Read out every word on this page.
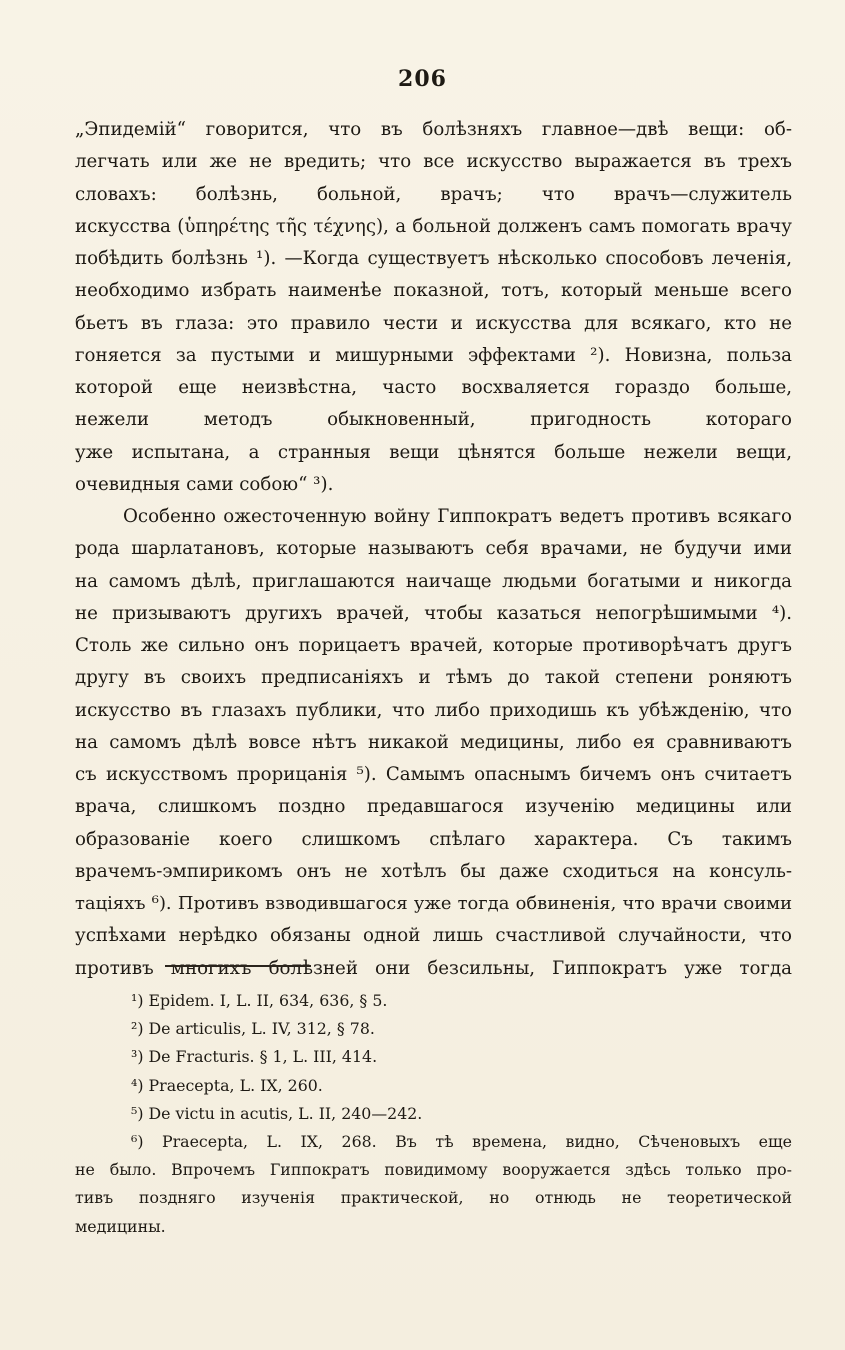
206
„Эпидемій“ говорится, что въ болѣзняхъ главное—двѣ вещи: об-
легчать или же не вредить; что все искусство выражается въ трехъ
словахъ: болѣзнь, больной, врачъ; что врачъ—служитель
искусства (ὑπηρέτης τῆς τέχνης), а больной долженъ самъ помогать врачу
побѣдить болѣзнь ¹). —Когда существуетъ нѣсколько способовъ леченія,
необходимо избрать наименѣе показной, тотъ, который меньше всего
бьетъ въ глаза: это правило чести и искусства для всякаго, кто не
гоняется за пустыми и мишурными эффектами ²). Новизна, польза
которой еще неизвѣстна, часто восхваляется гораздо больше,
нежели методъ обыкновенный, пригодность котораго
уже испытана, а странныя вещи цѣнятся больше нежели вещи,
очевидныя сами собою“ ³).
Особенно ожесточенную войну Гиппократъ ведетъ противъ всякаго
рода шарлатановъ, которые называютъ себя врачами, не будучи ими
на самомъ дѣлѣ, приглашаются наичаще людьми богатыми и никогда
не призываютъ другихъ врачей, чтобы казаться непогрѣшимыми ⁴).
Столь же сильно онъ порицаетъ врачей, которые противорѣчатъ другъ
другу въ своихъ предписаніяхъ и тѣмъ до такой степени роняютъ
искусство въ глазахъ публики, что либо приходишь къ убѣжденію, что
на самомъ дѣлѣ вовсе нѣтъ никакой медицины, либо ея сравниваютъ
съ искусствомъ прорицанія ⁵). Самымъ опаснымъ бичемъ онъ считаетъ
врача, слишкомъ поздно предавшагося изученію медицины или
образованіе коего слишкомъ спѣлаго характера. Съ такимъ
врачемъ-эмпирикомъ онъ не хотѣлъ бы даже сходиться на консуль-
таціяхъ ⁶). Противъ взводившагося уже тогда обвиненія, что врачи своими
успѣхами нерѣдко обязаны одной лишь счастливой случайности, что
противъ многихъ болѣзней они безсильны, Гиппократъ уже тогда
¹) Epidem. I, L. II, 634, 636, § 5.
²) De articulis, L. IV, 312, § 78.
³) De Fracturis. § 1, L. III, 414.
⁴) Praecepta, L. IX, 260.
⁵) De victu in acutis, L. II, 240—242.
⁶) Praecepta, L. IX, 268. Въ тѣ времена, видно, Сѣченовыхъ еще
не было. Впрочемъ Гиппократъ повидимому вооружается здѣсь только про-
тивъ поздняго изученія практической, но отнюдь не теоретической
медицины.
